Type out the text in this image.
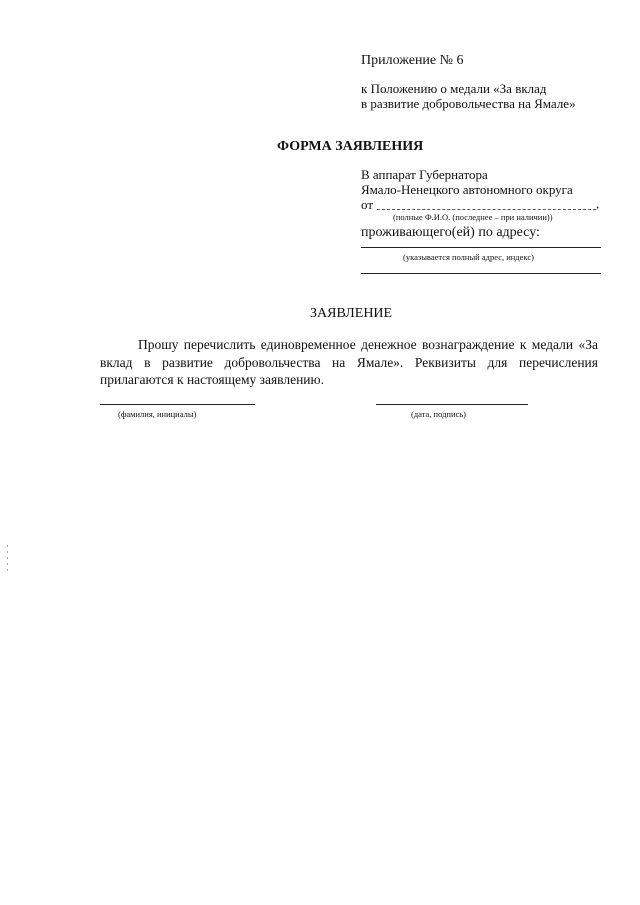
Приложение № 6
к Положению о медали «За вклад
в развитие добровольчества на Ямале»
ФОРМА ЗАЯВЛЕНИЯ
В аппарат Губернатора
Ямало-Ненецкого автономного округа
от	,
(полные Ф.И.О. (последнее – при наличии))
проживающего(ей) по адресу:
(указывается полный адрес, индекс)
ЗАЯВЛЕНИЕ
Прошу перечислить единовременное денежное вознаграждение к медали «За вклад в развитие добровольчества на Ямале». Реквизиты для перечисления прилагаются к настоящему заявлению.
(фамилия, инициалы)	(дата, подпись)
